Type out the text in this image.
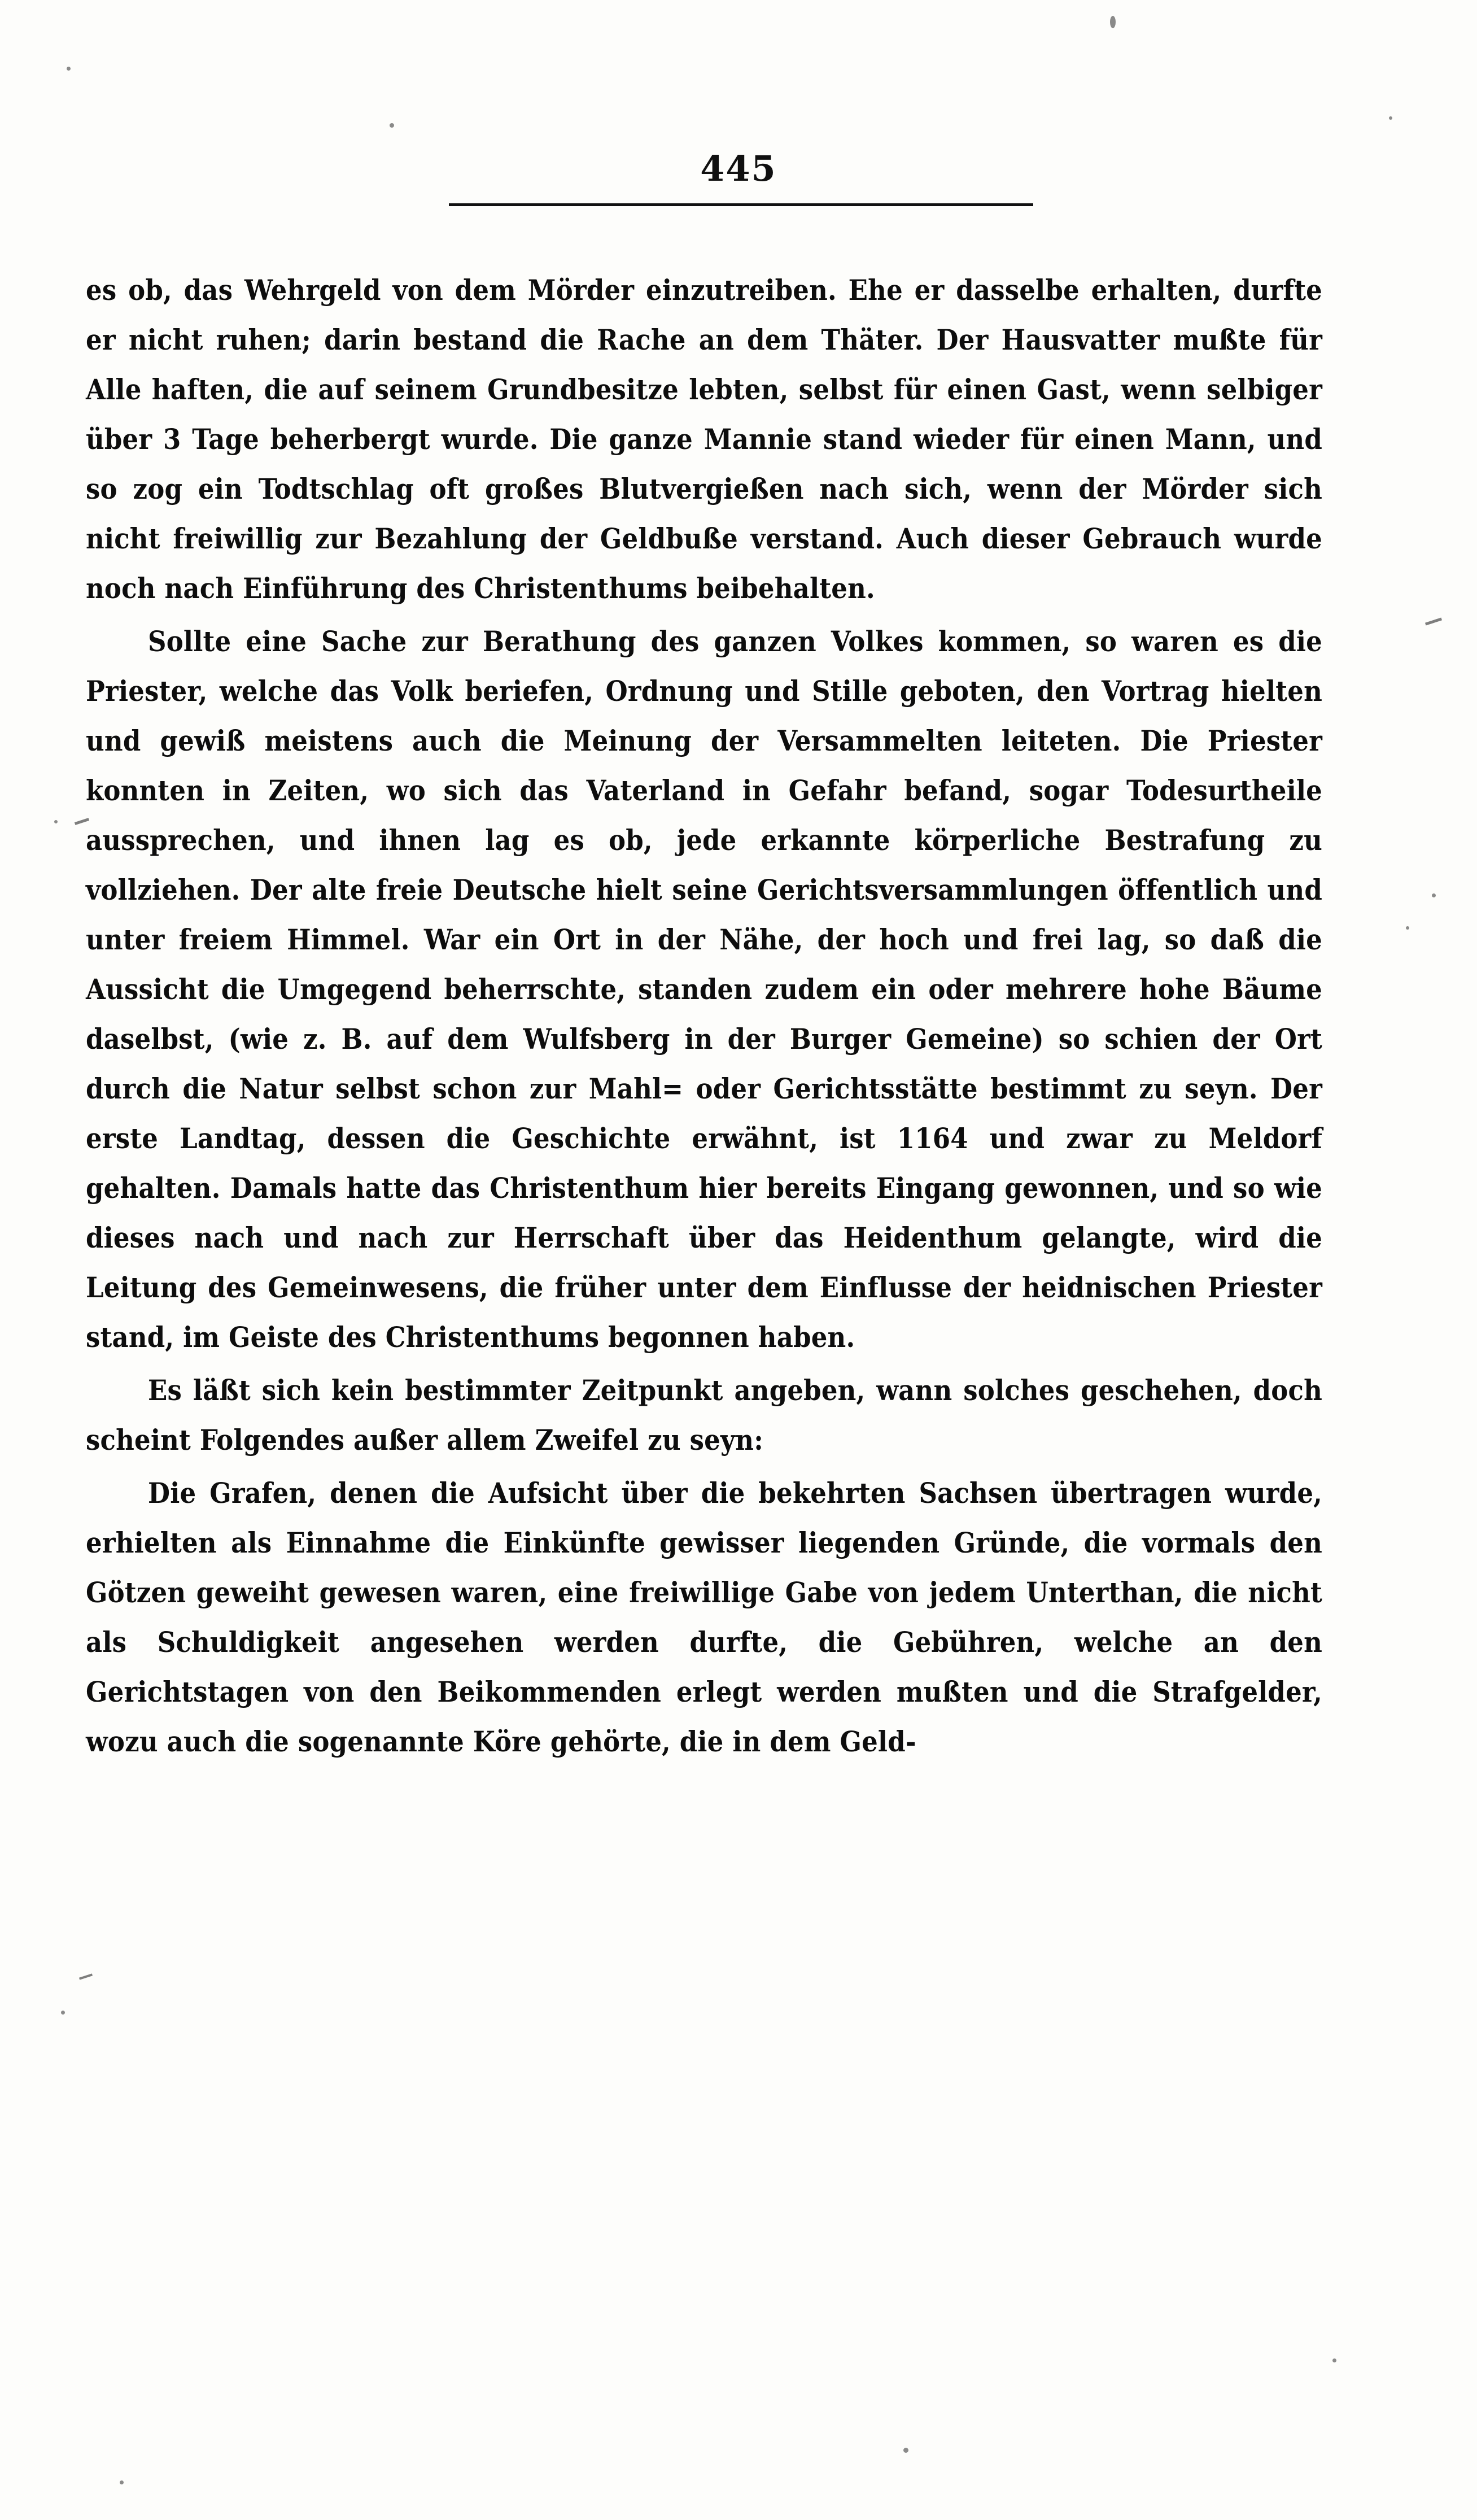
445

es ob, das Wehrgeld von dem Mörder einzutreiben. Ehe er dasselbe erhalten, durfte er nicht ruhen; darin bestand die Rache an dem Thäter. Der Hausvatter mußte für Alle haften, die auf seinem Grundbesitze lebten, selbst für einen Gast, wenn selbiger über 3 Tage beherbergt wurde. Die ganze Mannie stand wieder für einen Mann, und so zog ein Todtschlag oft großes Blutvergießen nach sich, wenn der Mörder sich nicht freiwillig zur Bezahlung der Geldbuße verstand. Auch dieser Gebrauch wurde noch nach Einführung des Christenthums beibehalten.

Sollte eine Sache zur Berathung des ganzen Volkes kommen, so waren es die Priester, welche das Volk beriefen, Ordnung und Stille geboten, den Vortrag hielten und gewiß meistens auch die Meinung der Versammelten leiteten. Die Priester konnten in Zeiten, wo sich das Vaterland in Gefahr befand, sogar Todesurtheile aussprechen, und ihnen lag es ob, jede erkannte körperliche Bestrafung zu vollziehen. Der alte freie Deutsche hielt seine Gerichtsversammlungen öffentlich und unter freiem Himmel. War ein Ort in der Nähe, der hoch und frei lag, so daß die Aussicht die Umgegend beherrschte, standen zudem ein oder mehrere hohe Bäume daselbst, (wie z. B. auf dem Wulfsberg in der Burger Gemeine) so schien der Ort durch die Natur selbst schon zur Mahl= oder Gerichtsstätte bestimmt zu seyn. Der erste Landtag, dessen die Geschichte erwähnt, ist 1164 und zwar zu Meldorf gehalten. Damals hatte das Christenthum hier bereits Eingang gewonnen, und so wie dieses nach und nach zur Herrschaft über das Heidenthum gelangte, wird die Leitung des Gemeinwesens, die früher unter dem Einflusse der heidnischen Priester stand, im Geiste des Christenthums begonnen haben.

Es läßt sich kein bestimmter Zeitpunkt angeben, wann solches geschehen, doch scheint Folgendes außer allem Zweifel zu seyn:

Die Grafen, denen die Aufsicht über die bekehrten Sachsen übertragen wurde, erhielten als Einnahme die Einkünfte gewisser liegenden Gründe, die vormals den Götzen geweiht gewesen waren, eine freiwillige Gabe von jedem Unterthan, die nicht als Schuldigkeit angesehen werden durfte, die Gebühren, welche an den Gerichtstagen von den Beikommenden erlegt werden mußten und die Strafgelder, wozu auch die sogenannte Köre gehörte, die in dem Geld-
